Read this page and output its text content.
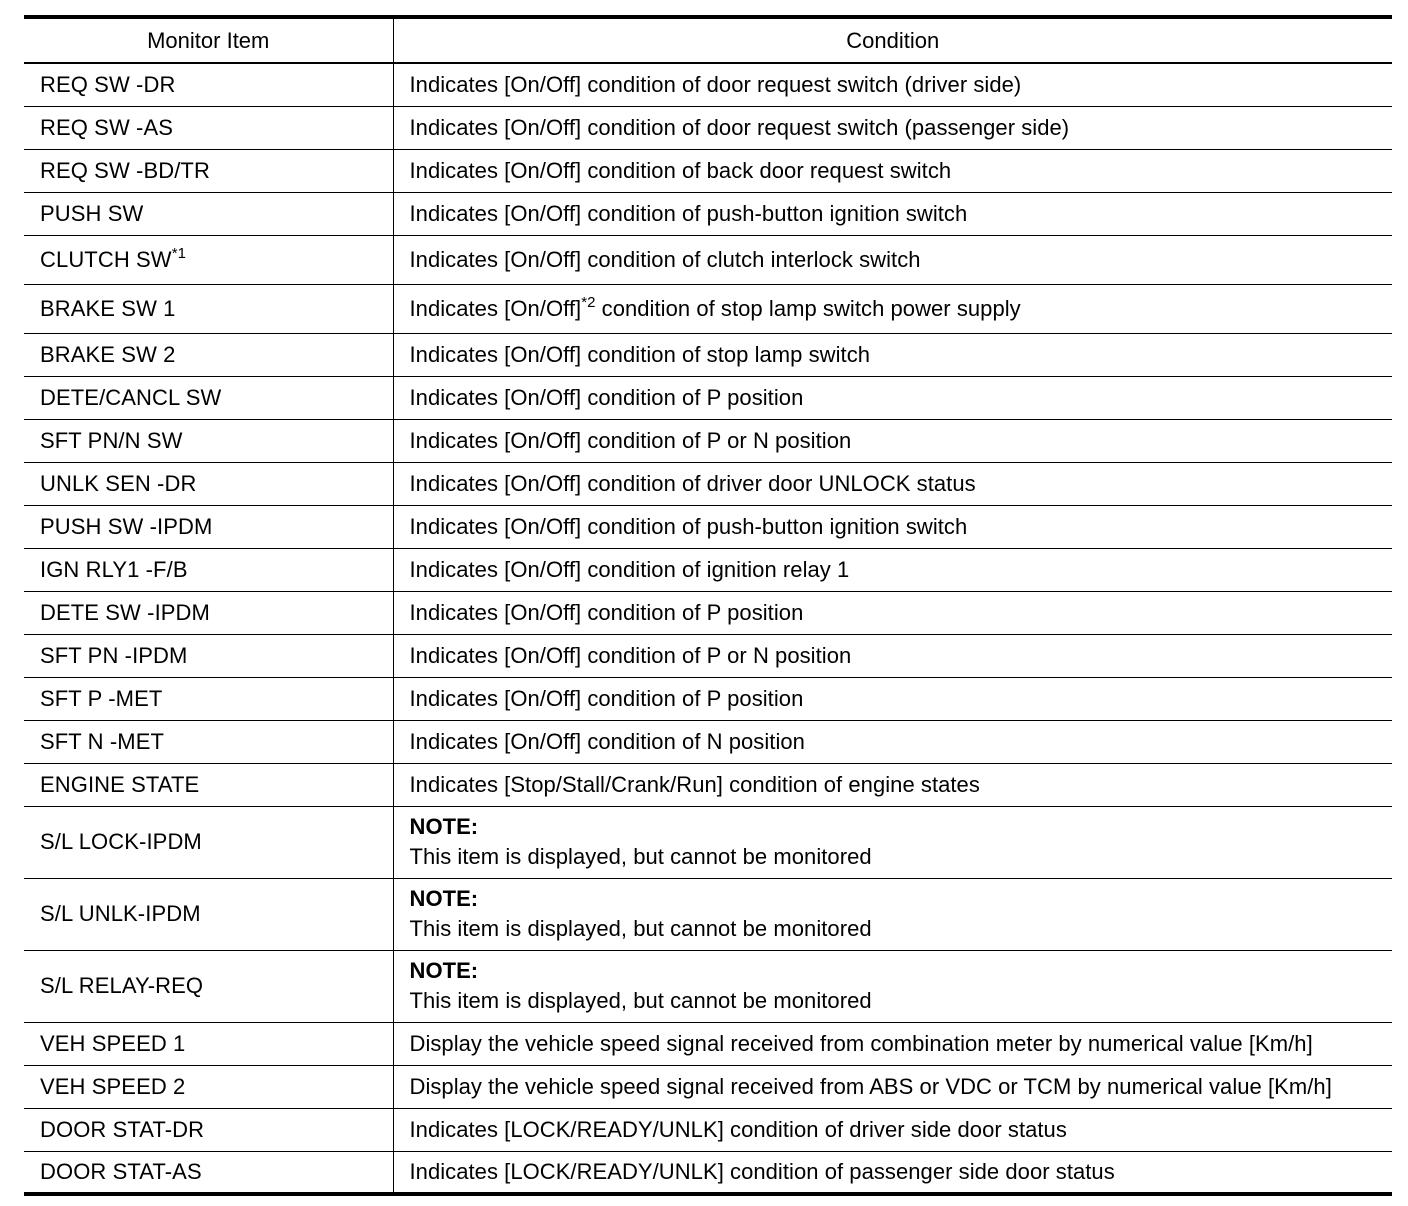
Monitor Item	Condition
REQ SW -DR	Indicates [On/Off] condition of door request switch (driver side)
REQ SW -AS	Indicates [On/Off] condition of door request switch (passenger side)
REQ SW -BD/TR	Indicates [On/Off] condition of back door request switch
PUSH SW	Indicates [On/Off] condition of push-button ignition switch
CLUTCH SW$^{*1}$	Indicates [On/Off] condition of clutch interlock switch
BRAKE SW 1	Indicates $[On/Off]^{*2}$ condition of stop lamp switch power supply
BRAKE SW 2	Indicates [On/Off] condition of stop lamp switch
DETE/CANCL SW	Indicates [On/Off] condition of P position
SFT PN/N SW	Indicates [On/Off] condition of P or N position
UNLK SEN -DR	Indicates [On/Off] condition of driver door UNLOCK status
PUSH SW -IPDM	Indicates [On/Off] condition of push-button ignition switch
IGN RLY1 -F/B	Indicates [On/Off] condition of ignition relay 1
DETE SW -IPDM	Indicates [On/Off] condition of P position
SFT PN -IPDM	Indicates [On/Off] condition of P or N position
SFT P -MET	Indicates [On/Off] condition of P position
SFT N -MET	Indicates [On/Off] condition of N position
ENGINE STATE	Indicates [Stop/Stall/Crank/Run] condition of engine states
S/L LOCK-IPDM	NOTE:
This item is displayed, but cannot be monitored

S/L UNLK-IPDM	NOTE:
This item is displayed, but cannot be monitored

S/L RELAY-REQ	NOTE:
This item is displayed, but cannot be monitored

VEH SPEED 1	Display the vehicle speed signal received from combination meter by numerical value [Km/h]
VEH SPEED 2	Display the vehicle speed signal received from ABS or VDC or TCM by numerical value [Km/h]
DOOR STAT-DR	Indicates [LOCK/READY/UNLK] condition of driver side door status
DOOR STAT-AS	Indicates [LOCK/READY/UNLK] condition of passenger side door status
